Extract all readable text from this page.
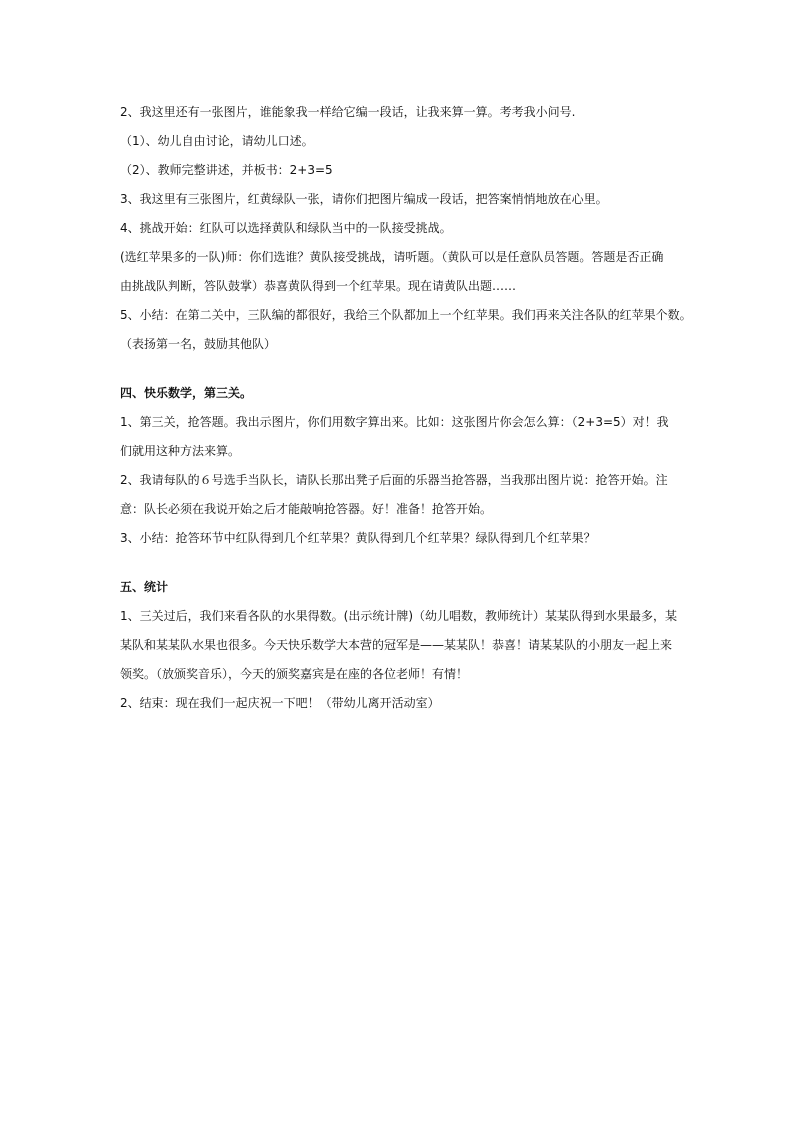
2、我这里还有一张图片，谁能象我一样给它编一段话，让我来算一算。考考我小问号.
（1）、幼儿自由讨论，请幼儿口述。
（2）、教师完整讲述，并板书：2+3=5
3、我这里有三张图片，红黄绿队一张，请你们把图片编成一段话，把答案悄悄地放在心里。
4、挑战开始：红队可以选择黄队和绿队当中的一队接受挑战。
(选红苹果多的一队)师：你们选谁？黄队接受挑战，请听题。（黄队可以是任意队员答题。答题是否正确
由挑战队判断，答队鼓掌）恭喜黄队得到一个红苹果。现在请黄队出题……
5、小结：在第二关中，三队编的都很好，我给三个队都加上一个红苹果。我们再来关注各队的红苹果个数。
（表扬第一名，鼓励其他队）
四、快乐数学，第三关。
1、第三关，抢答题。我出示图片，你们用数字算出来。比如：这张图片你会怎么算：（2+3=5）对！我
们就用这种方法来算。
2、我请每队的６号选手当队长，请队长那出凳子后面的乐器当抢答器，当我那出图片说：抢答开始。注
意：队长必须在我说开始之后才能敲响抢答器。好！准备！抢答开始。
3、小结：抢答环节中红队得到几个红苹果？黄队得到几个红苹果？绿队得到几个红苹果？
五、统计
1、三关过后，我们来看各队的水果得数。(出示统计牌)（幼儿唱数，教师统计）某某队得到水果最多，某
某队和某某队水果也很多。今天快乐数学大本营的冠军是——某某队！恭喜！请某某队的小朋友一起上来
领奖。（放颁奖音乐），今天的颁奖嘉宾是在座的各位老师！有情！
2、结束：现在我们一起庆祝一下吧！（带幼儿离开活动室）
